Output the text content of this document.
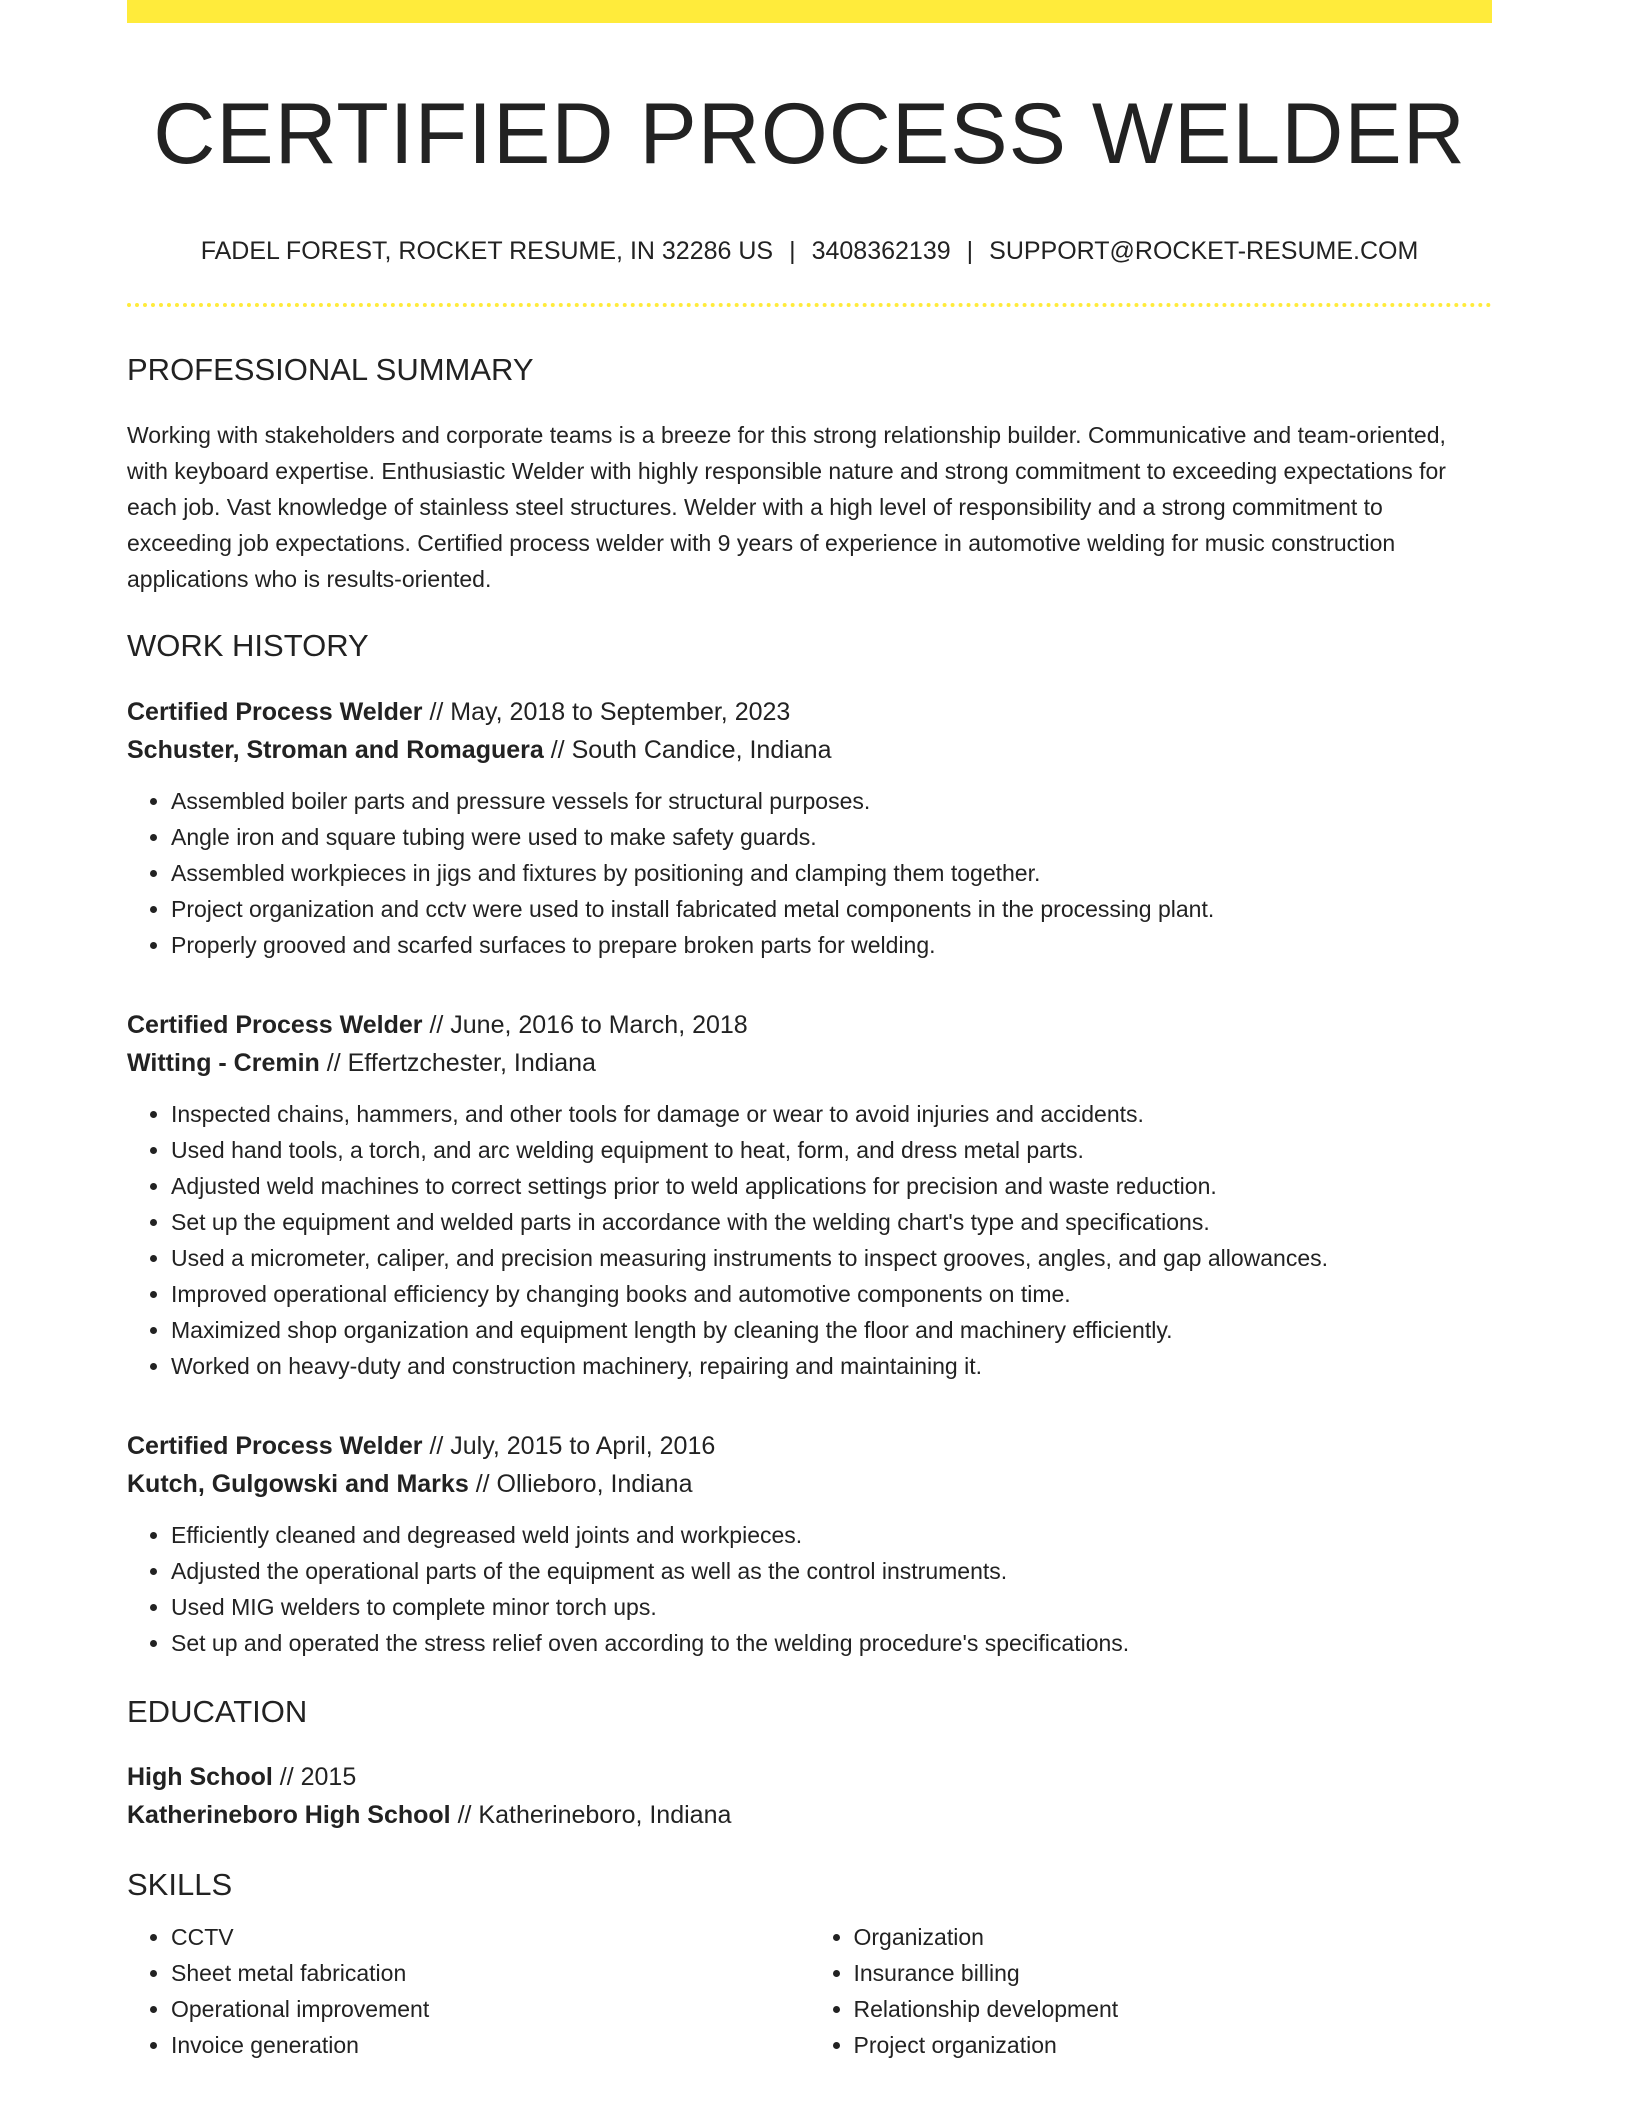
CERTIFIED PROCESS WELDER
FADEL FOREST, ROCKET RESUME, IN 32286 US | 3408362139 | SUPPORT@ROCKET-RESUME.COM
PROFESSIONAL SUMMARY
Working with stakeholders and corporate teams is a breeze for this strong relationship builder. Communicative and team-oriented, with keyboard expertise. Enthusiastic Welder with highly responsible nature and strong commitment to exceeding expectations for each job. Vast knowledge of stainless steel structures. Welder with a high level of responsibility and a strong commitment to exceeding job expectations. Certified process welder with 9 years of experience in automotive welding for music construction applications who is results-oriented.
WORK HISTORY
Certified Process Welder // May, 2018 to September, 2023
Schuster, Stroman and Romaguera // South Candice, Indiana
• Assembled boiler parts and pressure vessels for structural purposes.
• Angle iron and square tubing were used to make safety guards.
• Assembled workpieces in jigs and fixtures by positioning and clamping them together.
• Project organization and cctv were used to install fabricated metal components in the processing plant.
• Properly grooved and scarfed surfaces to prepare broken parts for welding.
Certified Process Welder // June, 2016 to March, 2018
Witting - Cremin // Effertzchester, Indiana
• Inspected chains, hammers, and other tools for damage or wear to avoid injuries and accidents.
• Used hand tools, a torch, and arc welding equipment to heat, form, and dress metal parts.
• Adjusted weld machines to correct settings prior to weld applications for precision and waste reduction.
• Set up the equipment and welded parts in accordance with the welding chart's type and specifications.
• Used a micrometer, caliper, and precision measuring instruments to inspect grooves, angles, and gap allowances.
• Improved operational efficiency by changing books and automotive components on time.
• Maximized shop organization and equipment length by cleaning the floor and machinery efficiently.
• Worked on heavy-duty and construction machinery, repairing and maintaining it.
Certified Process Welder // July, 2015 to April, 2016
Kutch, Gulgowski and Marks // Ollieboro, Indiana
• Efficiently cleaned and degreased weld joints and workpieces.
• Adjusted the operational parts of the equipment as well as the control instruments.
• Used MIG welders to complete minor torch ups.
• Set up and operated the stress relief oven according to the welding procedure's specifications.
EDUCATION
High School // 2015
Katherineboro High School // Katherineboro, Indiana
SKILLS
• CCTV
• Sheet metal fabrication
• Operational improvement
• Invoice generation
• Organization
• Insurance billing
• Relationship development
• Project organization
